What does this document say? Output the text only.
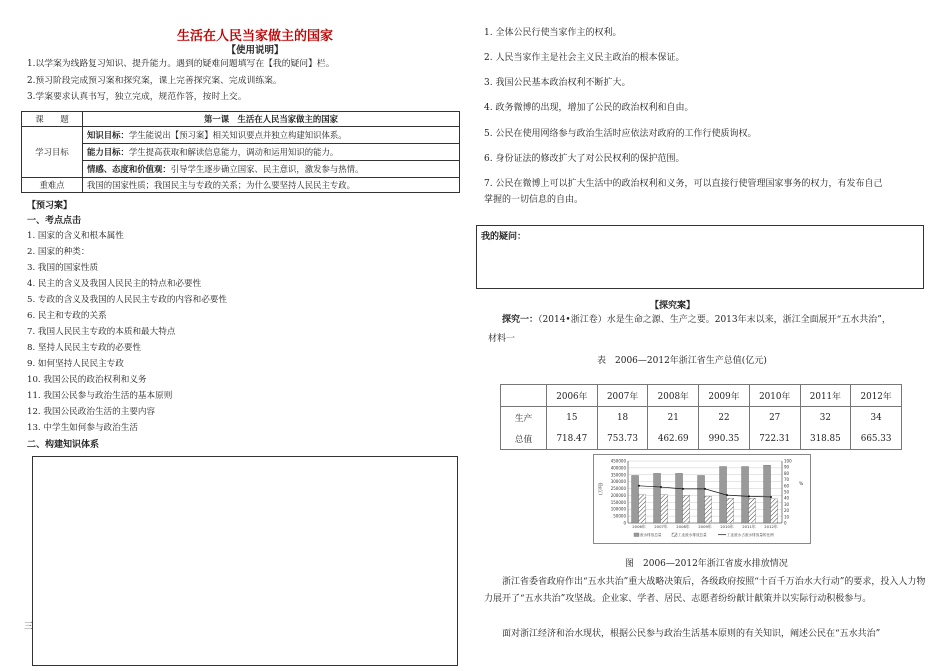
生活在人民当家做主的国家
【使用说明】
1.以学案为线路复习知识、提升能力。遇到的疑难问题填写在【我的疑问】栏。
2.预习阶段完成预习案和探究案，课上完善探究案、完成训练案。
3.学案要求认真书写，独立完成，规范作答，按时上交。
课　　题	第一课　生活在人民当家做主的国家
学习目标	知识目标：学生能说出【预习案】相关知识要点并独立构建知识体系。
	能力目标：学生提高获取和解读信息能力，调动和运用知识的能力。
	情感、态度和价值观：引导学生逐步确立国家、民主意识，激发参与热情。
重难点	我国的国家性质；我国民主与专政的关系；为什么要坚持人民民主专政。
【预习案】
一、考点点击
1. 国家的含义和根本属性
2. 国家的种类：
3. 我国的国家性质
4. 民主的含义及我国人民民主的特点和必要性
5. 专政的含义及我国的人民民主专政的内容和必要性
6. 民主和专政的关系
7. 我国人民民主专政的本质和最大特点
8. 坚持人民民主专政的必要性
9. 如何坚持人民民主专政
10. 我国公民的政治权利和义务
11. 我国公民参与政治生活的基本原则
12. 我国公民政治生活的主要内容
13. 中学生如何参与政治生活
二、构建知识体系
三
1. 全体公民行使当家作主的权利。
2. 人民当家作主是社会主义民主政治的根本保证。
3. 我国公民基本政治权利不断扩大。
4. 政务微博的出现，增加了公民的政治权利和自由。
5. 公民在使用网络参与政治生活时应依法对政府的工作行使质询权。
6. 身份证法的修改扩大了对公民权利的保护范围。
7. 公民在微博上可以扩大生活中的政治权利和义务，可以直接行使管理国家事务的权力，有发布自己
掌握的一切信息的自由。
我的疑问：
【探究案】
探究一：（2014•浙江卷）水是生命之源、生产之要。2013年末以来，浙江全面展开“五水共治”，
材料一
表　2006—2012年浙江省生产总值(亿元)
	2006年	2007年	2008年	2009年	2010年	2011年	2012年
生产	15	18	21	22	27	32	34
总值	718.47	753.73	462.69	990.35	722.31	318.85	665.33
0
50000
100000
150000
200000
250000
300000
350000
400000
450000
0
10
20
30
40
50
60
70
80
90
100
(万吨)	%
2006年 2007年 2008年 2009年 2010年 2011年 2012年
废水排放总量	工业废水排放总量	工业废水占废水排放量的比例
图　2006—2012年浙江省废水排放情况
浙江省委省政府作出“五水共治”重大战略决策后，各级政府按照“十百千万治水大行动”的要求，投入人力物力展开了“五水共治”攻坚战。企业家、学者、居民、志愿者纷纷献计献策并以实际行动积极参与。
面对浙江经济和治水现状，根据公民参与政治生活基本原则的有关知识，阐述公民在“五水共治”
